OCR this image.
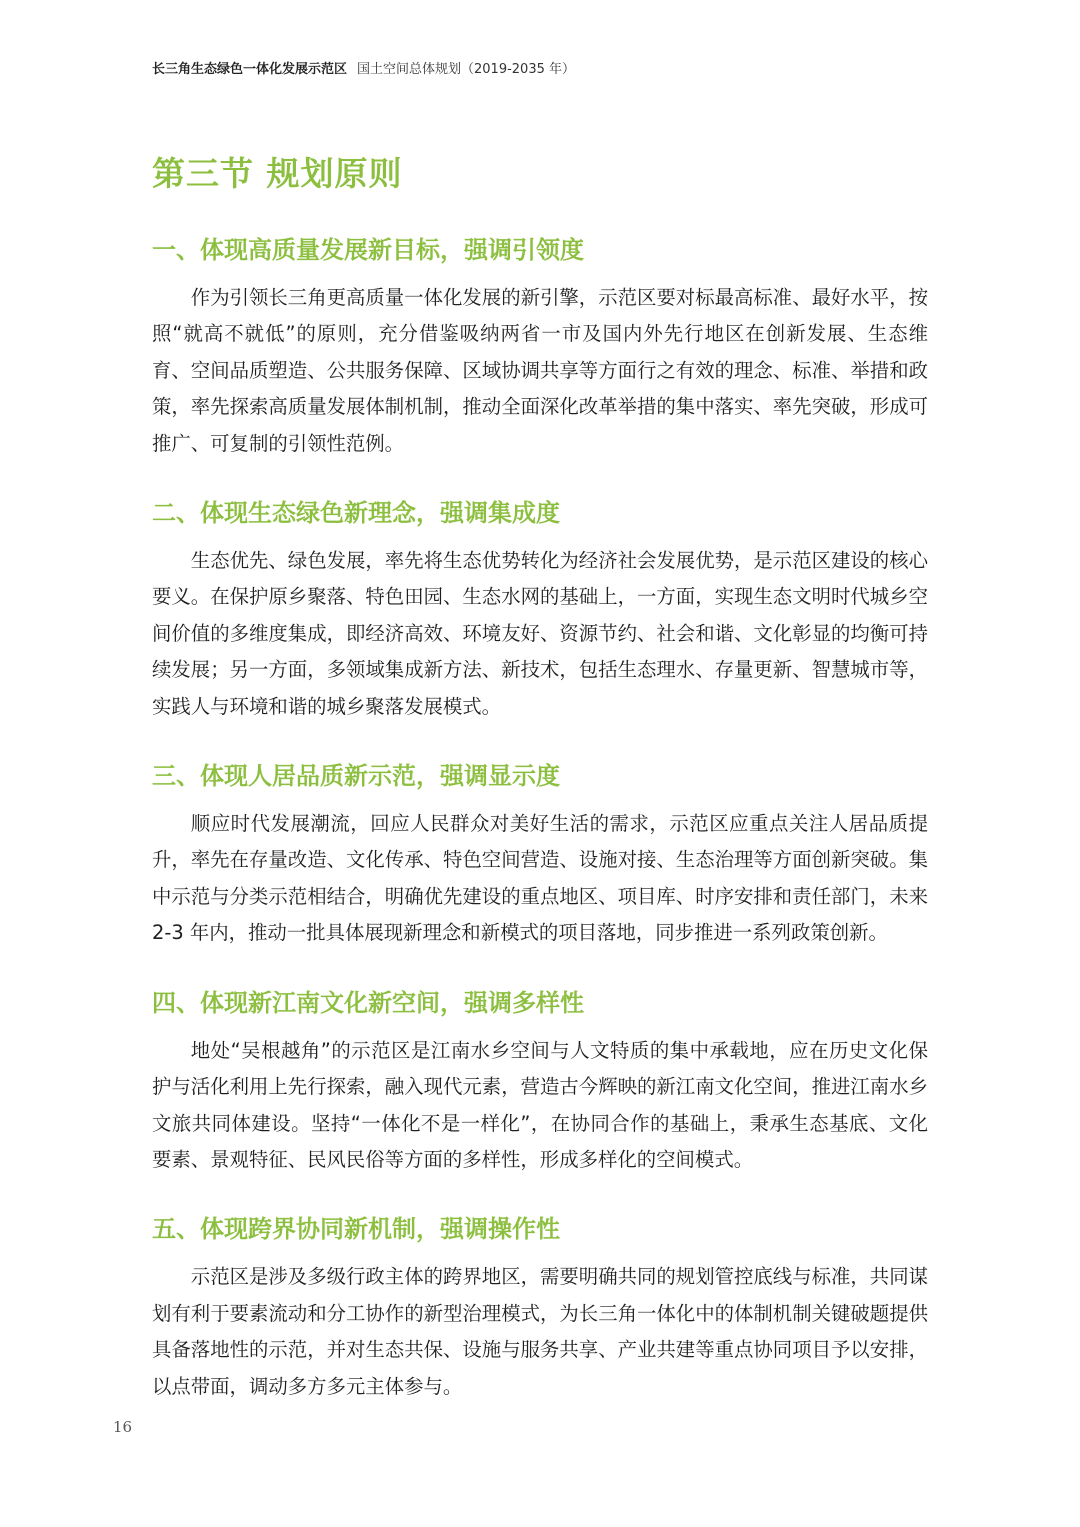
长三角生态绿色一体化发展示范区 国土空间总体规划（2019-2035 年）
第三节 规划原则
一、体现高质量发展新目标，强调引领度

作为引领长三角更高质量一体化发展的新引擎，示范区要对标最高标准、最好水平，按照“就高不就低”的原则，充分借鉴吸纳两省一市及国内外先行地区在创新发展、生态维育、空间品质塑造、公共服务保障、区域协调共享等方面行之有效的理念、标准、举措和政策，率先探索高质量发展体制机制，推动全面深化改革举措的集中落实、率先突破，形成可推广、可复制的引领性范例。

二、体现生态绿色新理念，强调集成度

生态优先、绿色发展，率先将生态优势转化为经济社会发展优势，是示范区建设的核心要义。在保护原乡聚落、特色田园、生态水网的基础上，一方面，实现生态文明时代城乡空间价值的多维度集成，即经济高效、环境友好、资源节约、社会和谐、文化彰显的均衡可持续发展；另一方面，多领域集成新方法、新技术，包括生态理水、存量更新、智慧城市等，实践人与环境和谐的城乡聚落发展模式。

三、体现人居品质新示范，强调显示度

顺应时代发展潮流，回应人民群众对美好生活的需求，示范区应重点关注人居品质提升，率先在存量改造、文化传承、特色空间营造、设施对接、生态治理等方面创新突破。集中示范与分类示范相结合，明确优先建设的重点地区、项目库、时序安排和责任部门，未来 2-3 年内，推动一批具体展现新理念和新模式的项目落地，同步推进一系列政策创新。

四、体现新江南文化新空间，强调多样性

地处“吴根越角”的示范区是江南水乡空间与人文特质的集中承载地，应在历史文化保护与活化利用上先行探索，融入现代元素，营造古今辉映的新江南文化空间，推进江南水乡文旅共同体建设。坚持“一体化不是一样化”，在协同合作的基础上，秉承生态基底、文化要素、景观特征、民风民俗等方面的多样性，形成多样化的空间模式。

五、体现跨界协同新机制，强调操作性

示范区是涉及多级行政主体的跨界地区，需要明确共同的规划管控底线与标准，共同谋划有利于要素流动和分工协作的新型治理模式，为长三角一体化中的体制机制关键破题提供具备落地性的示范，并对生态共保、设施与服务共享、产业共建等重点协同项目予以安排，以点带面，调动多方多元主体参与。

16
